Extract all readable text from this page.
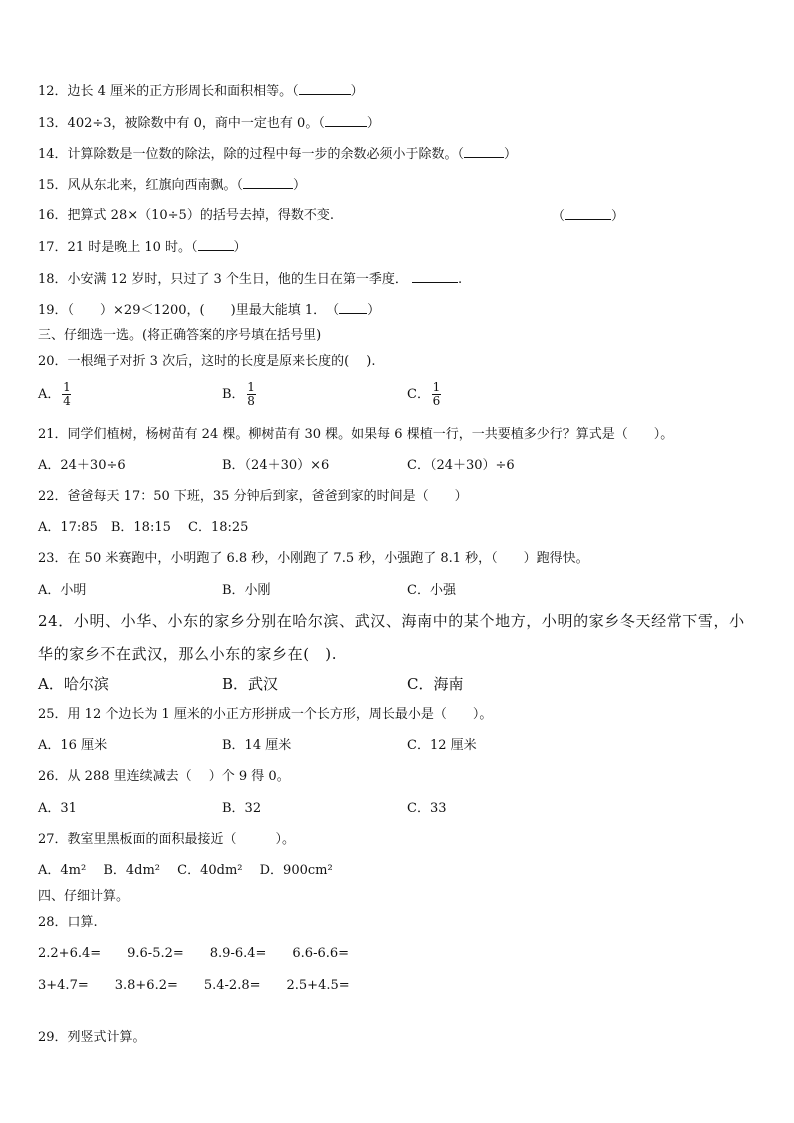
12．边长 4 厘米的正方形周长和面积相等。（	）
13．402÷3，被除数中有 0，商中一定也有 0。（	）
14．计算除数是一位数的除法，除的过程中每一步的余数必须小于除数。（	）
15．风从东北来，红旗向西南飘。（	）
16．把算式 28×（10÷5）的括号去掉，得数不变.	（	）
17．21 时是晚上 10 时。（	）
18．小安满 12 岁时，只过了 3 个生日，他的生日在第一季度．	.
19．（　　）×29＜1200，(　　)里最大能填 1．　（ ）
三、仔细选一选。(将正确答案的序号填在括号里)
20．一根绳子对折 3 次后，这时的长度是原来长度的(　 ).
A． $\frac{1}{4}$	B． $\frac{1}{8}$	C． $\frac{1}{6}$
21．同学们植树，杨树苗有 24 棵。柳树苗有 30 棵。如果每 6 棵植一行，一共要植多少行？算式是（　　）。
A．24＋30÷6	B．（24＋30）×6	C．（24＋30）÷6
22．爸爸每天 17：50 下班，35 分钟后到家，爸爸到家的时间是（　　）
A．17:85　B．18:15　 C．18:25
23．在 50 米赛跑中，小明跑了 6.8 秒，小刚跑了 7.5 秒，小强跑了 8.1 秒，（　　）跑得快。
A．小明	B．小刚	C．小强
24．小明、小华、小东的家乡分别在哈尔滨、武汉、海南中的某个地方，小明的家乡冬天经常下雪，小
华的家乡不在武汉，那么小东的家乡在(　).
A．哈尔滨	B．武汉	C．海南
25．用 12 个边长为 1 厘米的小正方形拼成一个长方形，周长最小是（　　）。
A．16 厘米	B．14 厘米	C．12 厘米
26．从 288 里连续减去（　 ）个 9 得 0。
A．31	B．32	C．33
27．教室里黑板面的面积最接近（　　　）。
A．4m²　 B．4dm²　 C．40dm²　 D．900cm²
四、仔细计算。
28．口算.
2.2+6.4=　　9.6-5.2=　　8.9-6.4=　　6.6-6.6=
3+4.7=　　3.8+6.2=　　5.4-2.8=　　2.5+4.5=
29．列竖式计算。
